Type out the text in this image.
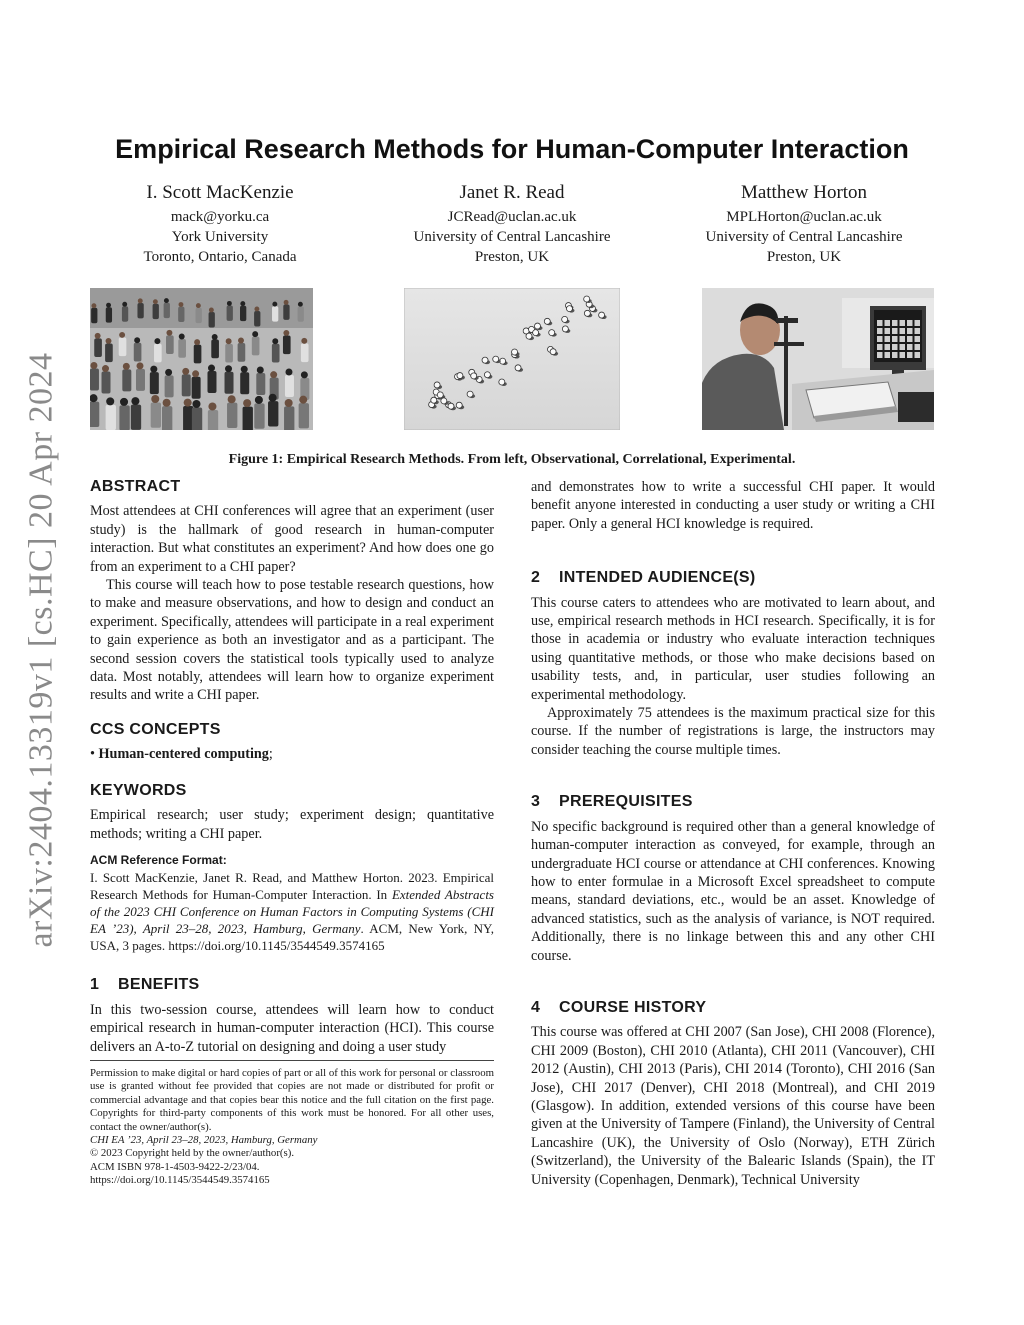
arXiv:2404.13319v1 [cs.HC] 20 Apr 2024
Empirical Research Methods for Human-Computer Interaction
I. Scott MacKenzie
mack@yorku.ca
York University
Toronto, Ontario, Canada
Janet R. Read
JCRead@uclan.ac.uk
University of Central Lancashire
Preston, UK
Matthew Horton
MPLHorton@uclan.ac.uk
University of Central Lancashire
Preston, UK
Figure 1: Empirical Research Methods. From left, Observational, Correlational, Experimental.
ABSTRACT

Most attendees at CHI conferences will agree that an experiment (user study) is the hallmark of good research in human-computer interaction. But what constitutes an experiment? And how does one go from an experiment to a CHI paper?

This course will teach how to pose testable research questions, how to make and measure observations, and how to design and conduct an experiment. Specifically, attendees will participate in a real experiment to gain experience as both an investigator and as a participant. The second session covers the statistical tools typically used to analyze data. Most notably, attendees will learn how to organize experiment results and write a CHI paper.

CCS CONCEPTS

• Human-centered computing;

KEYWORDS

Empirical research; user study; experiment design; quantitative methods; writing a CHI paper.

ACM Reference Format:

I. Scott MacKenzie, Janet R. Read, and Matthew Horton. 2023. Empirical Research Methods for Human-Computer Interaction. In Extended Abstracts of the 2023 CHI Conference on Human Factors in Computing Systems (CHI EA ’23), April 23–28, 2023, Hamburg, Germany. ACM, New York, NY, USA, 3 pages. https://doi.org/10.1145/3544549.3574165

1 BENEFITS

In this two-session course, attendees will learn how to conduct empirical research in human-computer interaction (HCI). This course delivers an A-to-Z tutorial on designing and doing a user study

Permission to make digital or hard copies of part or all of this work for personal or classroom use is granted without fee provided that copies are not made or distributed for profit or commercial advantage and that copies bear this notice and the full citation on the first page. Copyrights for third-party components of this work must be honored. For all other uses, contact the owner/author(s).

CHI EA ’23, April 23–28, 2023, Hamburg, Germany

© 2023 Copyright held by the owner/author(s).

ACM ISBN 978-1-4503-9422-2/23/04.

https://doi.org/10.1145/3544549.3574165

and demonstrates how to write a successful CHI paper. It would benefit anyone interested in conducting a user study or writing a CHI paper. Only a general HCI knowledge is required.

2 INTENDED AUDIENCE(S)

This course caters to attendees who are motivated to learn about, and use, empirical research methods in HCI research. Specifically, it is for those in academia or industry who evaluate interaction techniques using quantitative methods, or those who make decisions based on usability tests, and, in particular, user studies following an experimental methodology.

Approximately 75 attendees is the maximum practical size for this course. If the number of registrations is large, the instructors may consider teaching the course multiple times.

3 PREREQUISITES

No specific background is required other than a general knowledge of human-computer interaction as conveyed, for example, through an undergraduate HCI course or attendance at CHI conferences. Knowing how to enter formulae in a Microsoft Excel spreadsheet to compute means, standard deviations, etc., would be an asset. Knowledge of advanced statistics, such as the analysis of variance, is NOT required. Additionally, there is no linkage between this and any other CHI course.

4 COURSE HISTORY

This course was offered at CHI 2007 (San Jose), CHI 2008 (Florence), CHI 2009 (Boston), CHI 2010 (Atlanta), CHI 2011 (Vancouver), CHI 2012 (Austin), CHI 2013 (Paris), CHI 2014 (Toronto), CHI 2016 (San Jose), CHI 2017 (Denver), CHI 2018 (Montreal), and CHI 2019 (Glasgow). In addition, extended versions of this course have been given at the University of Tampere (Finland), the University of Central Lancashire (UK), the University of Oslo (Norway), ETH Zürich (Switzerland), the University of the Balearic Islands (Spain), the IT University (Copenhagen, Denmark), Technical University
